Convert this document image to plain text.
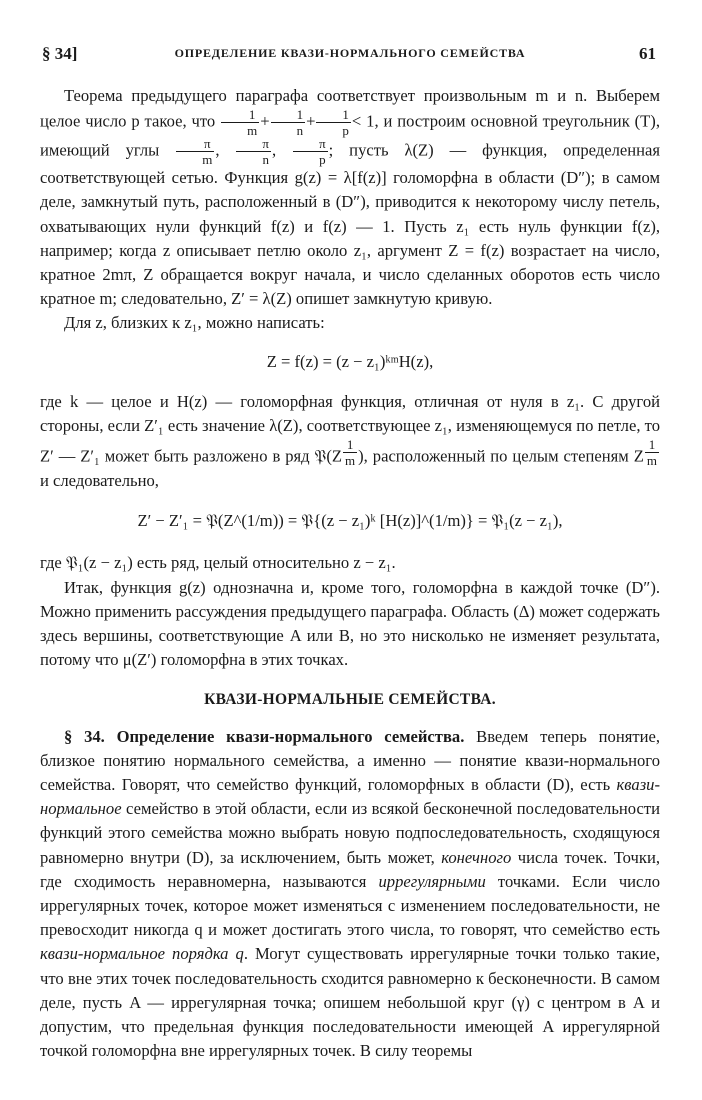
§ 34]	ОПРЕДЕЛЕНИЕ КВАЗИ-НОРМАЛЬНОГО СЕМЕЙСТВА	61

Теорема предыдущего параграфа соответствует произвольным m и n. Выберем целое число p такое, что $\frac{1}{m} + \frac{1}{n} + \frac{1}{p} < 1$, и построим основной треугольник (T), имеющий углы $\frac{\pi}{m}$ , $\frac{\pi}{n}$ , $\frac{\pi}{p}$ ; пусть λ(Z) — функция, определенная соответствующей сетью. Функция g(z) = λ[f(z)] голоморфна в области (D″); в самом деле, замкнутый путь, расположенный в (D″), приводится к некоторому числу петель, охватывающих нули функций f(z) и f(z) — 1. Пусть z₁ есть нуль функции f(z), например; когда z описывает петлю около z₁, аргумент Z = f(z) возрастает на число, кратное 2mπ, Z обращается вокруг начала, и число сделанных оборотов есть число кратное m; следовательно, Z′ = λ(Z) опишет замкнутую кривую.

Для z, близких к z₁, можно написать:

Z = f(z) = (z − z₁)ᵏᵐH(z),

где k — целое и H(z) — голоморфная функция, отличная от нуля в z₁. С другой стороны, если Z′₁ есть значение λ(Z), соответствующее z₁, изменяющемуся по петле, то Z′ — Z′₁ может быть разложено в ряд 𝔓(Z $^{\frac{1}{m}}$ ), расположенный по целым степеням Z $^{\frac{1}{m}}$
и следовательно,

Z′ − Z′₁ = 𝔓(Z^(1/m)) = 𝔓{(z − z₁)ᵏ [H(z)]^(1/m)} = 𝔓₁(z − z₁),

где 𝔓₁(z − z₁) есть ряд, целый относительно z − z₁.

Итак, функция g(z) однозначна и, кроме того, голоморфна в каждой точке (D″). Можно применить рассуждения предыдущего параграфа. Область (Δ) может содержать здесь вершины, соответствующие A или B, но это нисколько не изменяет результата, потому что μ(Z′) голоморфна в этих точках.

КВАЗИ-НОРМАЛЬНЫЕ СЕМЕЙСТВА.

§ 34. Определение квази-нормального семейства. Введем теперь понятие, близкое понятию нормального семейства, а именно — понятие квази-нормального семейства. Говорят, что семейство функций, голоморфных в области (D), есть квази-нормальное семейство в этой области, если из всякой бесконечной последовательности функций этого семейства можно выбрать новую подпоследовательность, сходящуюся равномерно внутри (D), за исключением, быть может, конечного числа точек. Точки, где сходимость неравномерна, называются иррегулярными точками. Если число иррегулярных точек, которое может изменяться с изменением последовательности, не превосходит никогда q и может достигать этого числа, то говорят, что семейство есть квази-нормальное порядка q. Могут существовать иррегулярные точки только такие, что вне этих точек последовательность сходится равномерно к бесконечности. В самом деле, пусть A — иррегулярная точка; опишем небольшой круг (γ) с центром в A и допустим, что предельная функция последовательности имеющей A иррегулярной точкой голоморфна вне иррегулярных точек. В силу теоремы
